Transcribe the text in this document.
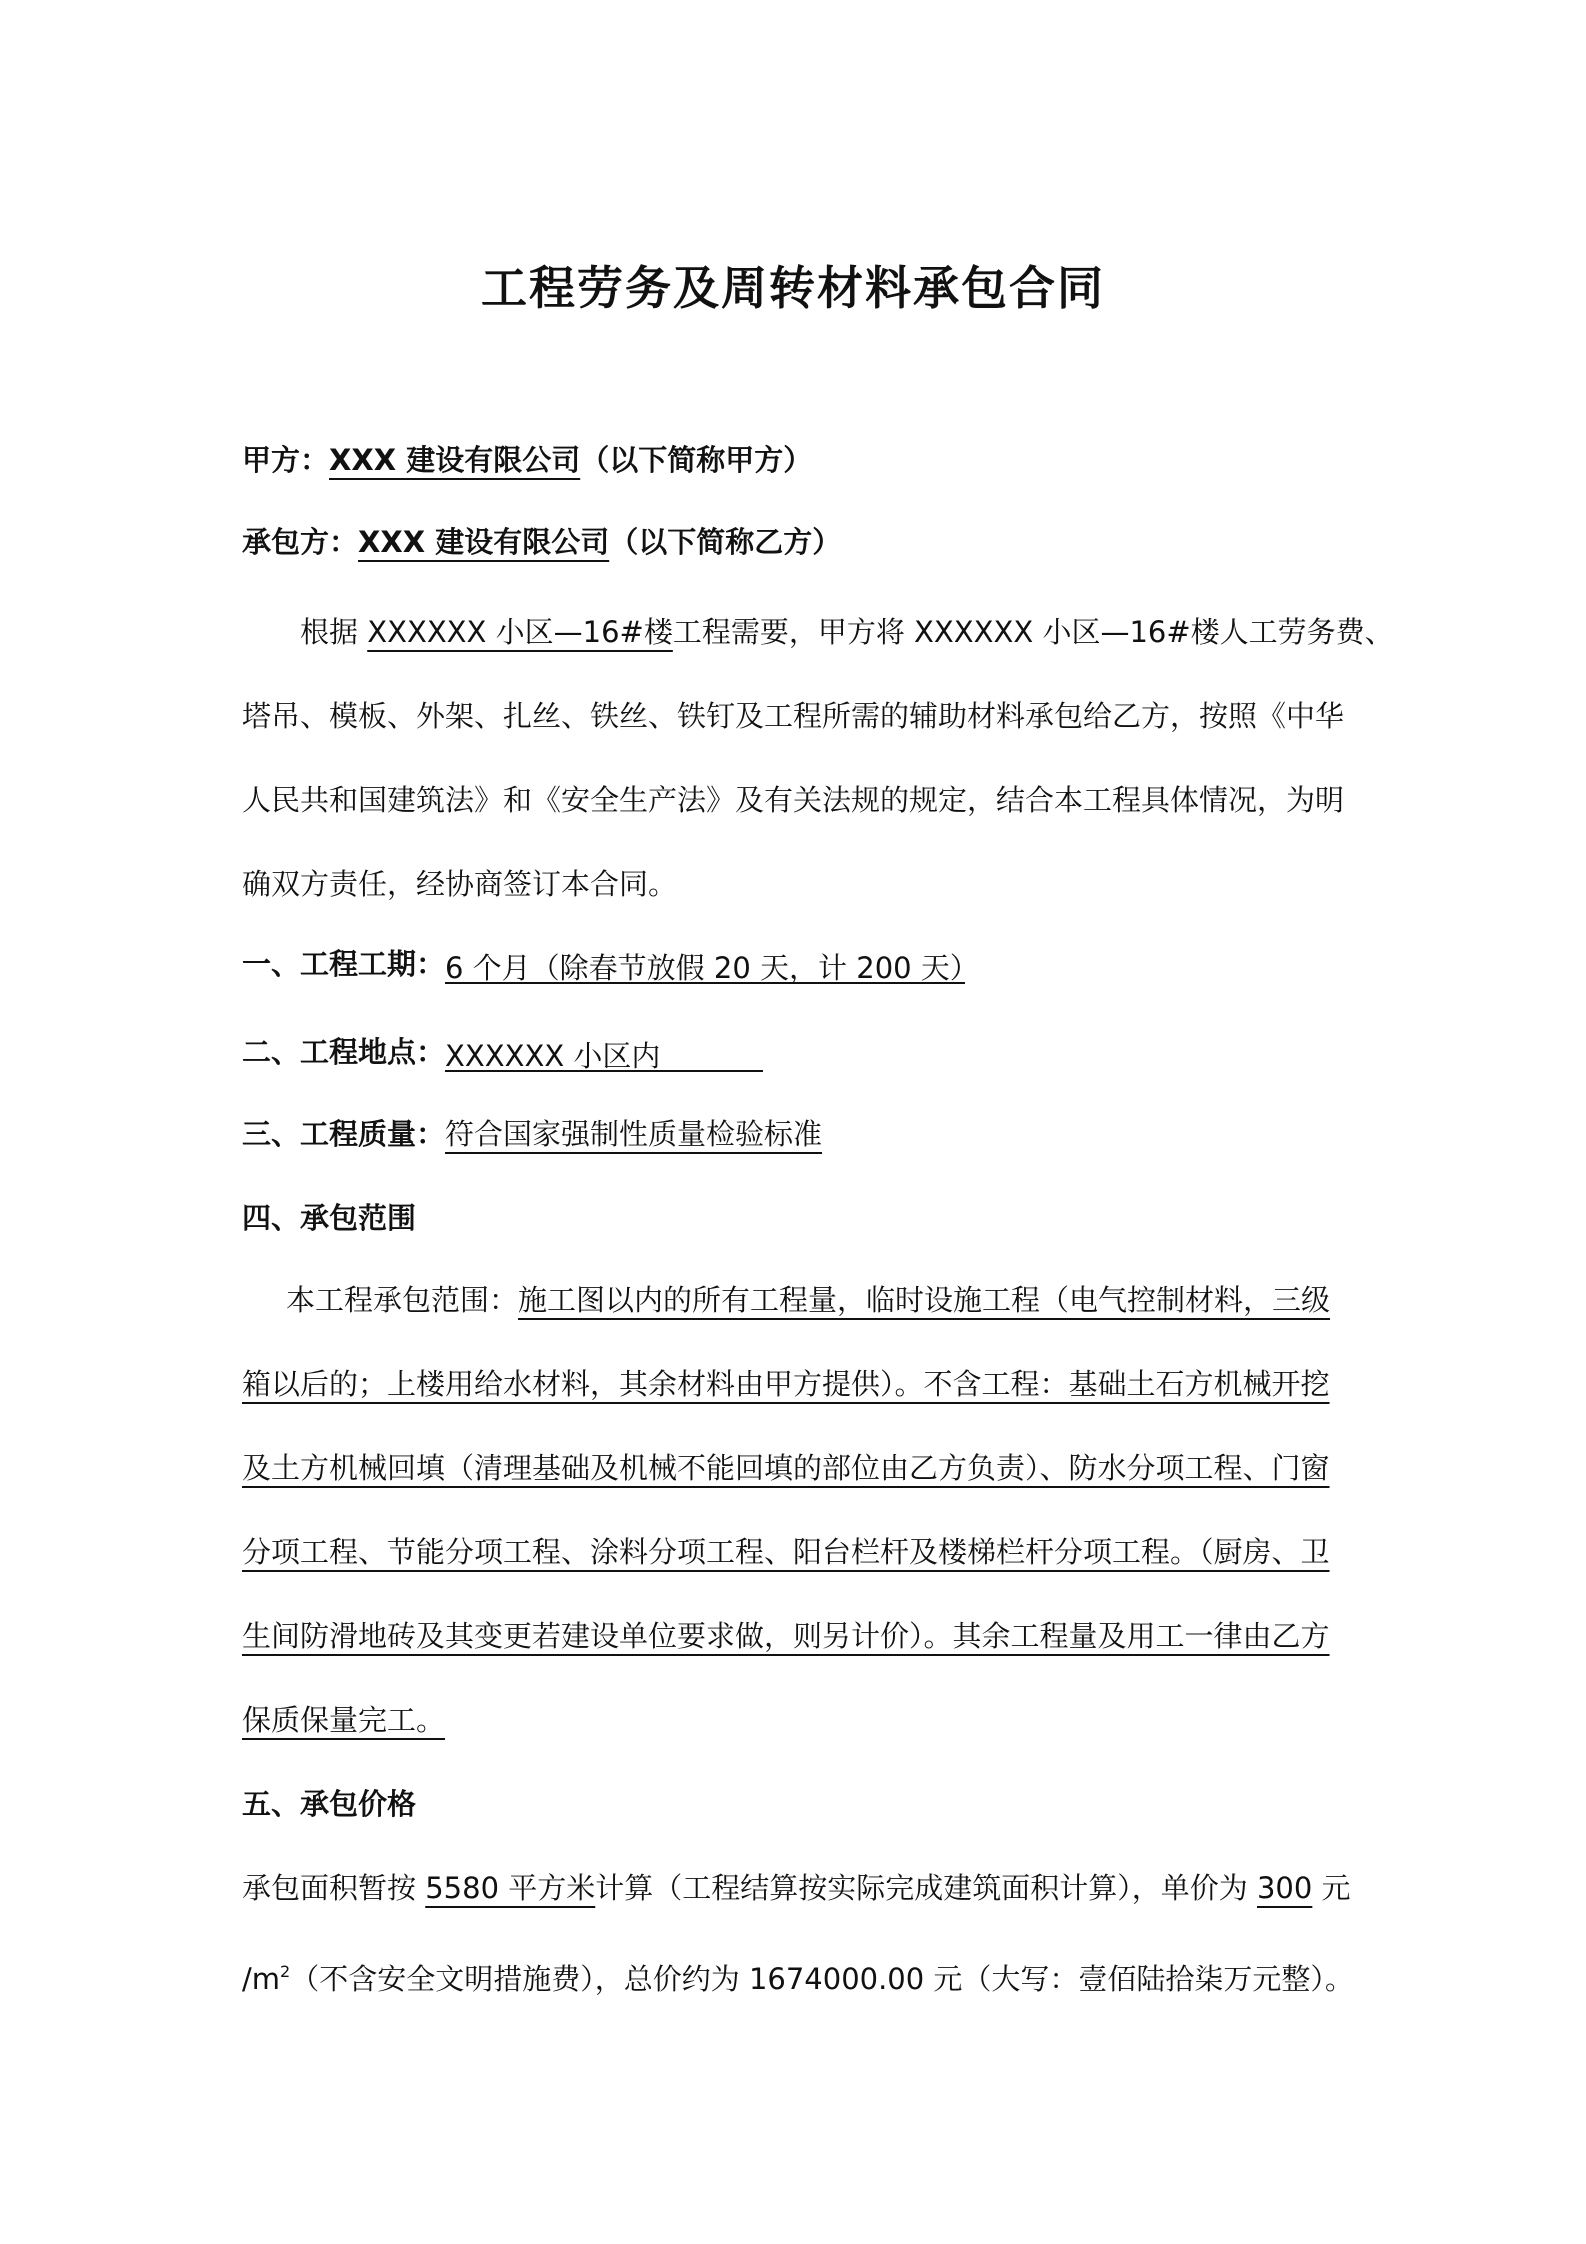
工程劳务及周转材料承包合同
甲方：XXX 建设有限公司（以下简称甲方）
承包方：XXX 建设有限公司（以下简称乙方）
根据 XXXXXX 小区—16#楼工程需要，甲方将 XXXXXX 小区—16#楼人工劳务费、
塔吊、模板、外架、扎丝、铁丝、铁钉及工程所需的辅助材料承包给乙方，按照《中华
人民共和国建筑法》和《安全生产法》及有关法规的规定，结合本工程具体情况，为明
确双方责任，经协商签订本合同。
一、工程工期：6 个月（除春节放假 20 天，计 200 天）
二、工程地点：XXXXXX 小区内
三、工程质量：符合国家强制性质量检验标准
四、承包范围
本工程承包范围：施工图以内的所有工程量，临时设施工程（电气控制材料，三级
箱以后的；上楼用给水材料，其余材料由甲方提供）。不含工程：基础土石方机械开挖
及土方机械回填（清理基础及机械不能回填的部位由乙方负责）、防水分项工程、门窗
分项工程、节能分项工程、涂料分项工程、阳台栏杆及楼梯栏杆分项工程。（厨房、卫
生间防滑地砖及其变更若建设单位要求做，则另计价）。其余工程量及用工一律由乙方
保质保量完工。
五、承包价格
承包面积暂按 5580 平方米计算（工程结算按实际完成建筑面积计算），单价为 300 元
$/m^2$（不含安全文明措施费），总价约为 1674000.00 元（大写：壹佰陆拾柒万元整）。
